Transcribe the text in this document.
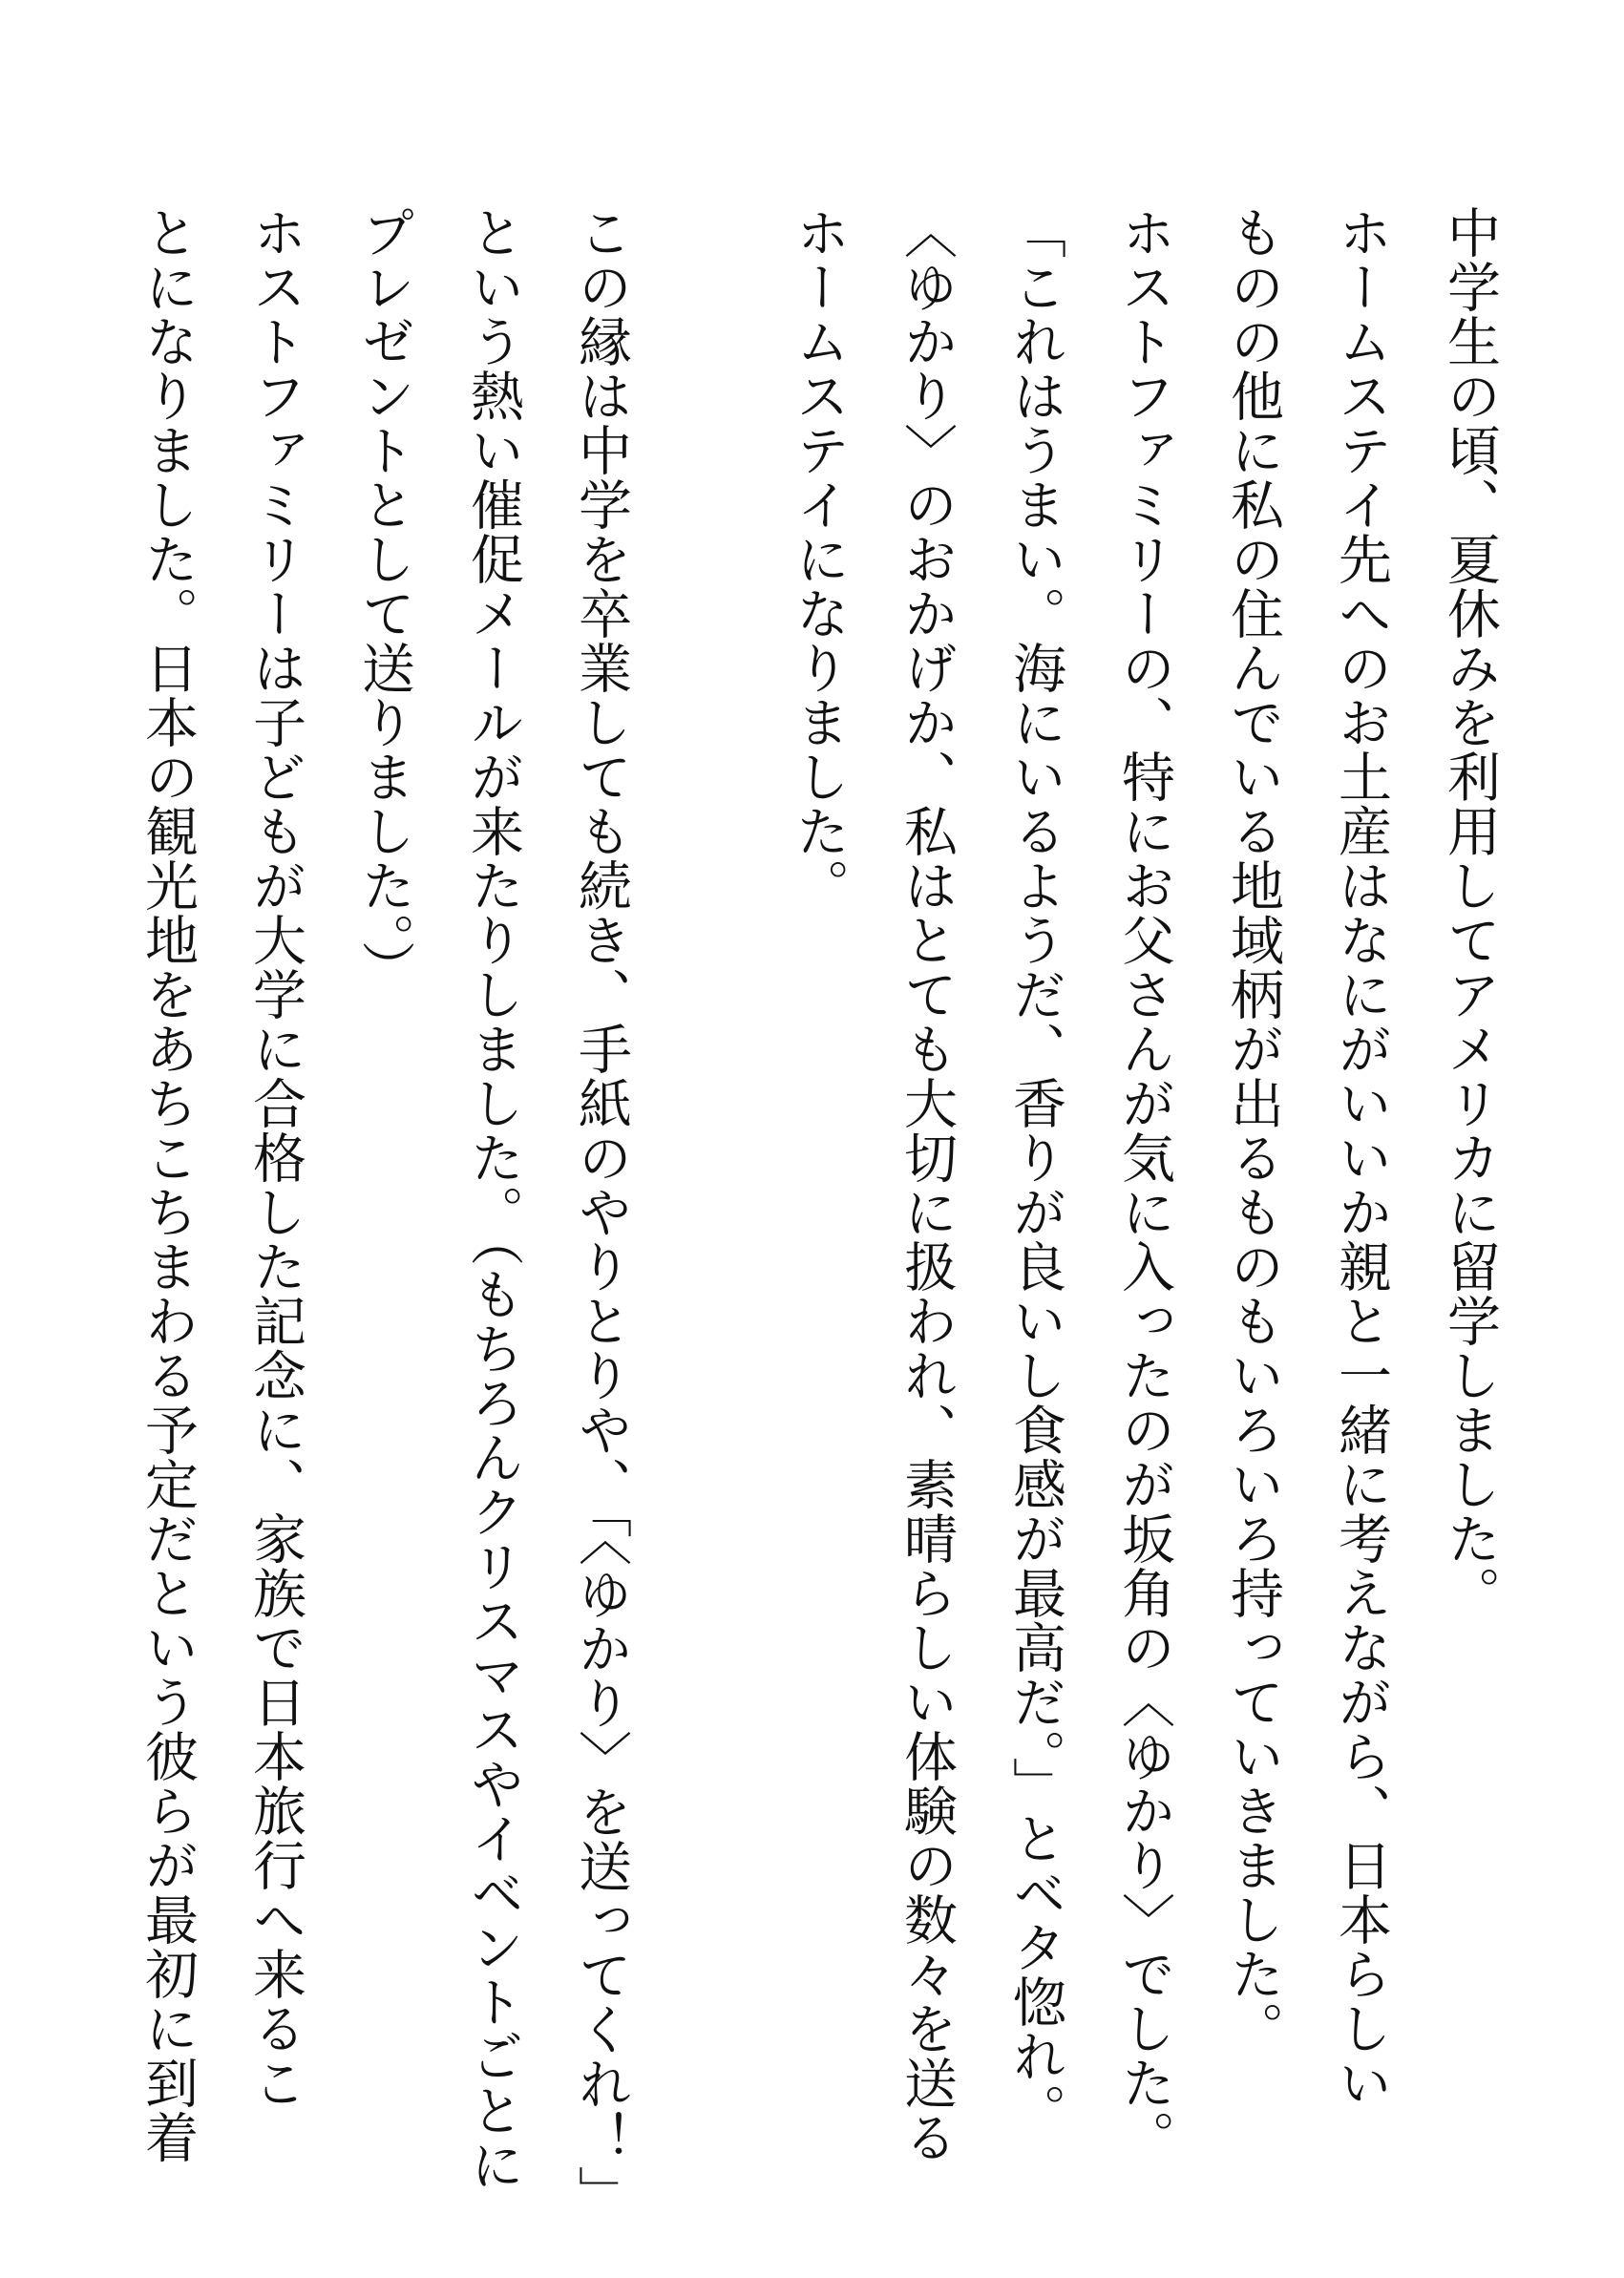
中学生の頃、夏休みを利用してアメリカに留学しました。
ホームステイ先へのお土産はなにがいいか親と一緒に考えながら、日本らしい
ものの他に私の住んでいる地域柄が出るものもいろいろ持っていきました。
ホストファミリーの、特にお父さんが気に入ったのが坂角の〈ゆかり〉でした。
「これはうまい。海にいるようだ、香りが良いし食感が最高だ。」とベタ惚れ。
〈ゆかり〉のおかげか、私はとても大切に扱われ、素晴らしい体験の数々を送る
ホームステイになりました。
この縁は中学を卒業しても続き、手紙のやりとりや、「〈ゆかり〉を送ってくれ！」
という熱い催促メールが来たりしました。（もちろんクリスマスやイベントごとに
プレゼントとして送りました。）
ホストファミリーは子どもが大学に合格した記念に、家族で日本旅行へ来るこ
とになりました。日本の観光地をあちこちまわる予定だという彼らが最初に到着
